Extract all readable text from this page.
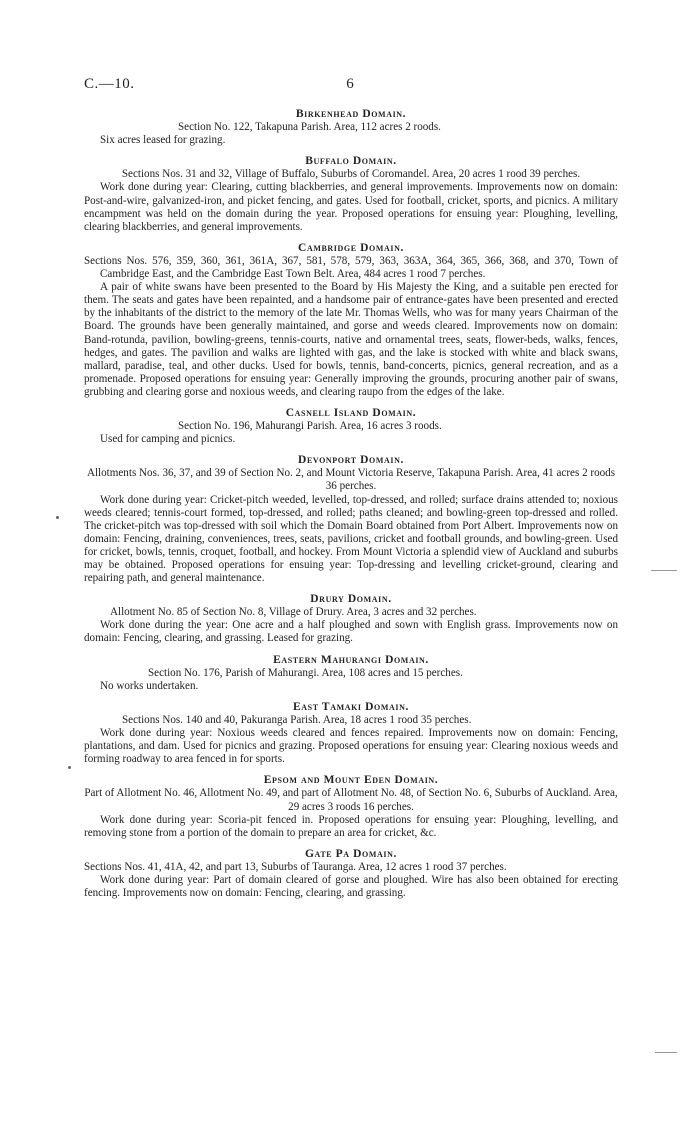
C.—10.	6
Birkenhead Domain.

Section No. 122, Takapuna Parish. Area, 112 acres 2 roods.

Six acres leased for grazing.

Buffalo Domain.

Sections Nos. 31 and 32, Village of Buffalo, Suburbs of Coromandel. Area, 20 acres 1 rood 39 perches.

Work done during year: Clearing, cutting blackberries, and general improvements. Improvements now on domain: Post-and-wire, galvanized-iron, and picket fencing, and gates. Used for football, cricket, sports, and picnics. A military encampment was held on the domain during the year. Proposed operations for ensuing year: Ploughing, levelling, clearing blackberries, and general improvements.

Cambridge Domain.

Sections Nos. 576, 359, 360, 361, 361A, 367, 581, 578, 579, 363, 363A, 364, 365, 366, 368, and 370, Town of Cambridge East, and the Cambridge East Town Belt. Area, 484 acres 1 rood 7 perches.

A pair of white swans have been presented to the Board by His Majesty the King, and a suitable pen erected for them. The seats and gates have been repainted, and a handsome pair of entrance-gates have been presented and erected by the inhabitants of the district to the memory of the late Mr. Thomas Wells, who was for many years Chairman of the Board. The grounds have been generally maintained, and gorse and weeds cleared. Improvements now on domain: Band-rotunda, pavilion, bowling-greens, tennis-courts, native and ornamental trees, seats, flower-beds, walks, fences, hedges, and gates. The pavilion and walks are lighted with gas, and the lake is stocked with white and black swans, mallard, paradise, teal, and other ducks. Used for bowls, tennis, band-concerts, picnics, general recreation, and as a promenade. Proposed operations for ensuing year: Generally improving the grounds, procuring another pair of swans, grubbing and clearing gorse and noxious weeds, and clearing raupo from the edges of the lake.

Casnell Island Domain.

Section No. 196, Mahurangi Parish. Area, 16 acres 3 roods.

Used for camping and picnics.

Devonport Domain.

Allotments Nos. 36, 37, and 39 of Section No. 2, and Mount Victoria Reserve, Takapuna Parish. Area, 41 acres 2 roods 36 perches.

Work done during year: Cricket-pitch weeded, levelled, top-dressed, and rolled; surface drains attended to; noxious weeds cleared; tennis-court formed, top-dressed, and rolled; paths cleaned; and bowling-green top-dressed and rolled. The cricket-pitch was top-dressed with soil which the Domain Board obtained from Port Albert. Improvements now on domain: Fencing, draining, conveniences, trees, seats, pavilions, cricket and football grounds, and bowling-green. Used for cricket, bowls, tennis, croquet, football, and hockey. From Mount Victoria a splendid view of Auckland and suburbs may be obtained. Proposed operations for ensuing year: Top-dressing and levelling cricket-ground, clearing and repairing path, and general maintenance.

Drury Domain.

Allotment No. 85 of Section No. 8, Village of Drury. Area, 3 acres and 32 perches.

Work done during the year: One acre and a half ploughed and sown with English grass. Improvements now on domain: Fencing, clearing, and grassing. Leased for grazing.

Eastern Mahurangi Domain.

Section No. 176, Parish of Mahurangi. Area, 108 acres and 15 perches.

No works undertaken.

East Tamaki Domain.

Sections Nos. 140 and 40, Pakuranga Parish. Area, 18 acres 1 rood 35 perches.

Work done during year: Noxious weeds cleared and fences repaired. Improvements now on domain: Fencing, plantations, and dam. Used for picnics and grazing. Proposed operations for ensuing year: Clearing noxious weeds and forming roadway to area fenced in for sports.

Epsom and Mount Eden Domain.

Part of Allotment No. 46, Allotment No. 49, and part of Allotment No. 48, of Section No. 6, Suburbs of Auckland. Area, 29 acres 3 roods 16 perches.

Work done during year: Scoria-pit fenced in. Proposed operations for ensuing year: Ploughing, levelling, and removing stone from a portion of the domain to prepare an area for cricket, &c.

Gate Pa Domain.

Sections Nos. 41, 41A, 42, and part 13, Suburbs of Tauranga. Area, 12 acres 1 rood 37 perches.

Work done during year: Part of domain cleared of gorse and ploughed. Wire has also been obtained for erecting fencing. Improvements now on domain: Fencing, clearing, and grassing.
